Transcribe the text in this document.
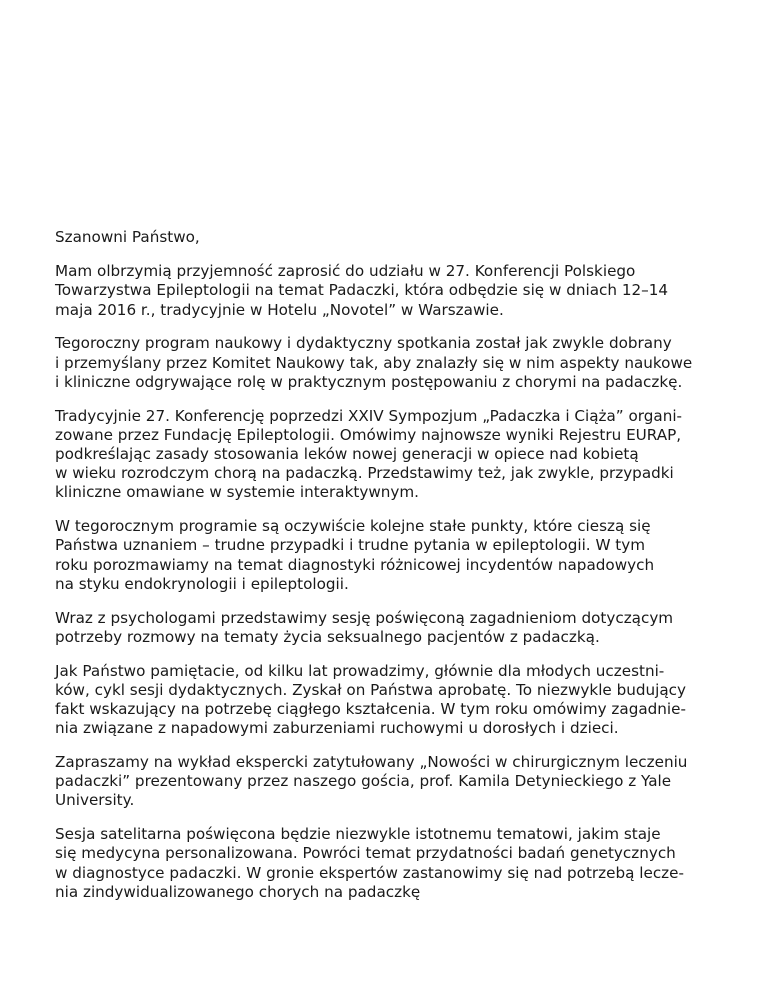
Szanowni Państwo,
Mam olbrzymią przyjemność zaprosić do udziału w 27. Konferencji Polskiego
Towarzystwa Epileptologii na temat Padaczki, która odbędzie się w dniach 12–14
maja 2016 r., tradycyjnie w Hotelu „Novotel” w Warszawie.
Tegoroczny program naukowy i dydaktyczny spotkania został jak zwykle dobrany
i przemyślany przez Komitet Naukowy tak, aby znalazły się w nim aspekty naukowe
i kliniczne odgrywające rolę w praktycznym postępowaniu z chorymi na padaczkę.
Tradycyjnie 27. Konferencję poprzedzi XXIV Sympozjum „Padaczka i Ciąża” organi-
zowane przez Fundację Epileptologii. Omówimy najnowsze wyniki Rejestru EURAP,
podkreślając zasady stosowania leków nowej generacji w opiece nad kobietą
w wieku rozrodczym chorą na padaczką. Przedstawimy też, jak zwykle, przypadki
kliniczne omawiane w systemie interaktywnym.
W tegorocznym programie są oczywiście kolejne stałe punkty, które cieszą się
Państwa uznaniem – trudne przypadki i trudne pytania w epileptologii. W tym
roku porozmawiamy na temat diagnostyki różnicowej incydentów napadowych
na styku endokrynologii i epileptologii.
Wraz z psychologami przedstawimy sesję poświęconą zagadnieniom dotyczącym
potrzeby rozmowy na tematy życia seksualnego pacjentów z padaczką.
Jak Państwo pamiętacie, od kilku lat prowadzimy, głównie dla młodych uczestni-
ków, cykl sesji dydaktycznych. Zyskał on Państwa aprobatę. To niezwykle budujący
fakt wskazujący na potrzebę ciągłego kształcenia. W tym roku omówimy zagadnie-
nia związane z napadowymi zaburzeniami ruchowymi u dorosłych i dzieci.
Zapraszamy na wykład ekspercki zatytułowany „Nowości w chirurgicznym leczeniu
padaczki” prezentowany przez naszego gościa, prof. Kamila Detynieckiego z Yale
University.
Sesja satelitarna poświęcona będzie niezwykle istotnemu tematowi, jakim staje
się medycyna personalizowana. Powróci temat przydatności badań genetycznych
w diagnostyce padaczki. W gronie ekspertów zastanowimy się nad potrzebą lecze-
nia zindywidualizowanego chorych na padaczkę
